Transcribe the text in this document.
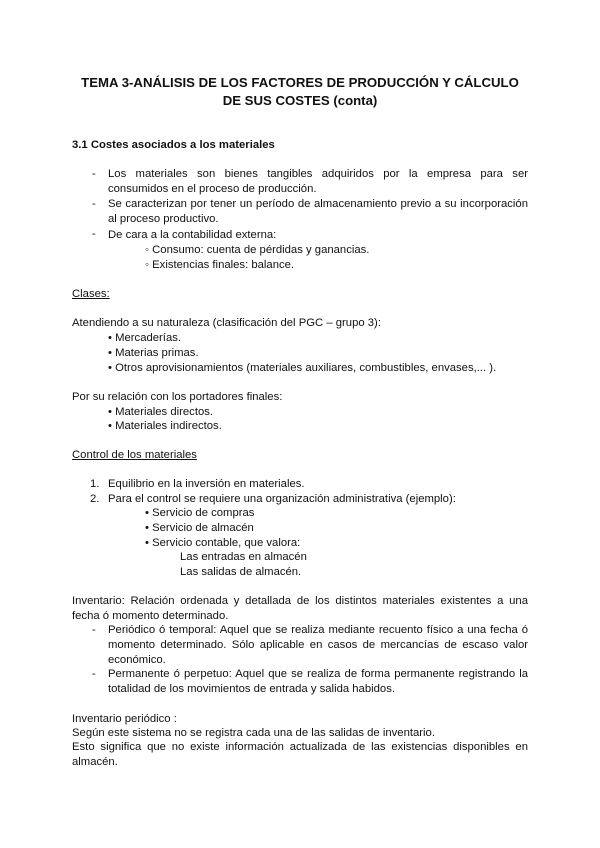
TEMA 3-ANÁLISIS DE LOS FACTORES DE PRODUCCIÓN Y CÁLCULO
DE SUS COSTES (conta)
3.1 Costes asociados a los materiales
- Los materiales son bienes tangibles adquiridos por la empresa para ser consumidos en el proceso de producción.
- Se caracterizan por tener un período de almacenamiento previo a su incorporación al proceso productivo.
- De cara a la contabilidad externa:
◦ Consumo: cuenta de pérdidas y ganancias.
◦ Existencias finales: balance.
Clases:
Atendiendo a su naturaleza (clasificación del PGC – grupo 3):
• Mercaderías.
• Materias primas.
• Otros aprovisionamientos (materiales auxiliares, combustibles, envases,... ).
Por su relación con los portadores finales:
• Materiales directos.
• Materiales indirectos.
Control de los materiales
1. Equilibrio en la inversión en materiales.
2. Para el control se requiere una organización administrativa (ejemplo):
• Servicio de compras
• Servicio de almacén
• Servicio contable, que valora:
Las entradas en almacén
Las salidas de almacén.
Inventario: Relación ordenada y detallada de los distintos materiales existentes a una fecha ó momento determinado.
- Periódico ó temporal: Aquel que se realiza mediante recuento físico a una fecha ó momento determinado. Sólo aplicable en casos de mercancías de escaso valor económico.
- Permanente ó perpetuo: Aquel que se realiza de forma permanente registrando la totalidad de los movimientos de entrada y salida habidos.
Inventario periódico :
Según este sistema no se registra cada una de las salidas de inventario.
Esto significa que no existe información actualizada de las existencias disponibles en almacén.
